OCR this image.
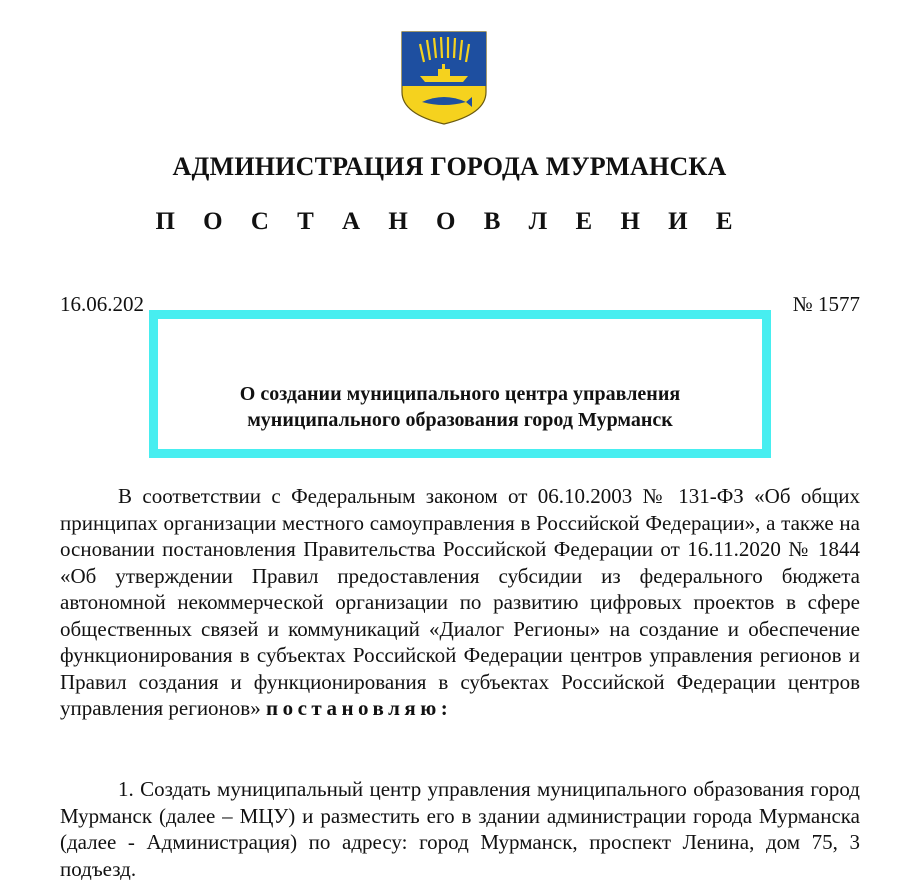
АДМИНИСТРАЦИЯ ГОРОДА МУРМАНСКА
П О С Т А Н О В Л Е Н И Е
16.06.202	№ 1577
О создании муниципального центра управления
муниципального образования город Мурманск
В соответствии с Федеральным законом от 06.10.2003 № 131-ФЗ «Об общих принципах организации местного самоуправления в Российской Федерации», а также на основании постановления Правительства Российской Федерации от 16.11.2020 № 1844 «Об утверждении Правил предоставления субсидии из федерального бюджета автономной некоммерческой организации по развитию цифровых проектов в сфере общественных связей и коммуникаций «Диалог Регионы» на создание и обеспечение функционирования в субъектах Российской Федерации центров управления регионов и Правил создания и функционирования в субъектах Российской Федерации центров управления регионов» постановляю:
1. Создать муниципальный центр управления муниципального образования город Мурманск (далее – МЦУ) и разместить его в здании администрации города Мурманска (далее - Администрация) по адресу: город Мурманск, проспект Ленина, дом 75, 3 подъезд.
